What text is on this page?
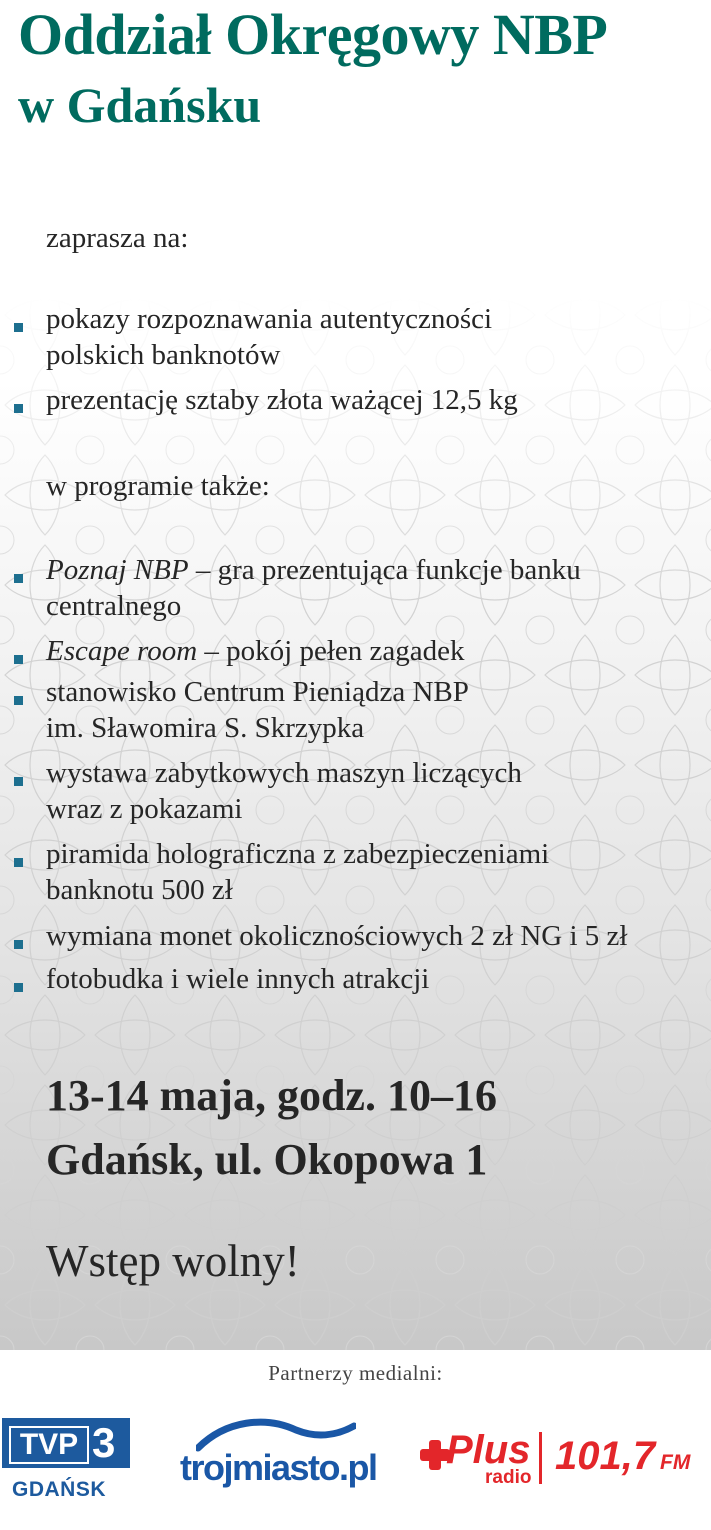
Oddział Okręgowy NBP
w Gdańsku
zaprasza na:
pokazy rozpoznawania autentyczności
polskich banknotów
prezentację sztaby złota ważącej 12,5 kg
w programie także:
Poznaj NBP – gra prezentująca funkcje banku
centralnego
Escape room – pokój pełen zagadek
stanowisko Centrum Pieniądza NBP
im. Sławomira S. Skrzypka
wystawa zabytkowych maszyn liczących
wraz z pokazami
piramida holograficzna z zabezpieczeniami
banknotu 500 zł
wymiana monet okolicznościowych 2 zł NG i 5 zł
fotobudka i wiele innych atrakcji
13-14 maja, godz. 10–16
Gdańsk, ul. Okopowa 1
Wstęp wolny!
Partnerzy medialni:
TVP 3
GDAŃSK
trojmiasto.pl Plus
radio 101,7 FM
